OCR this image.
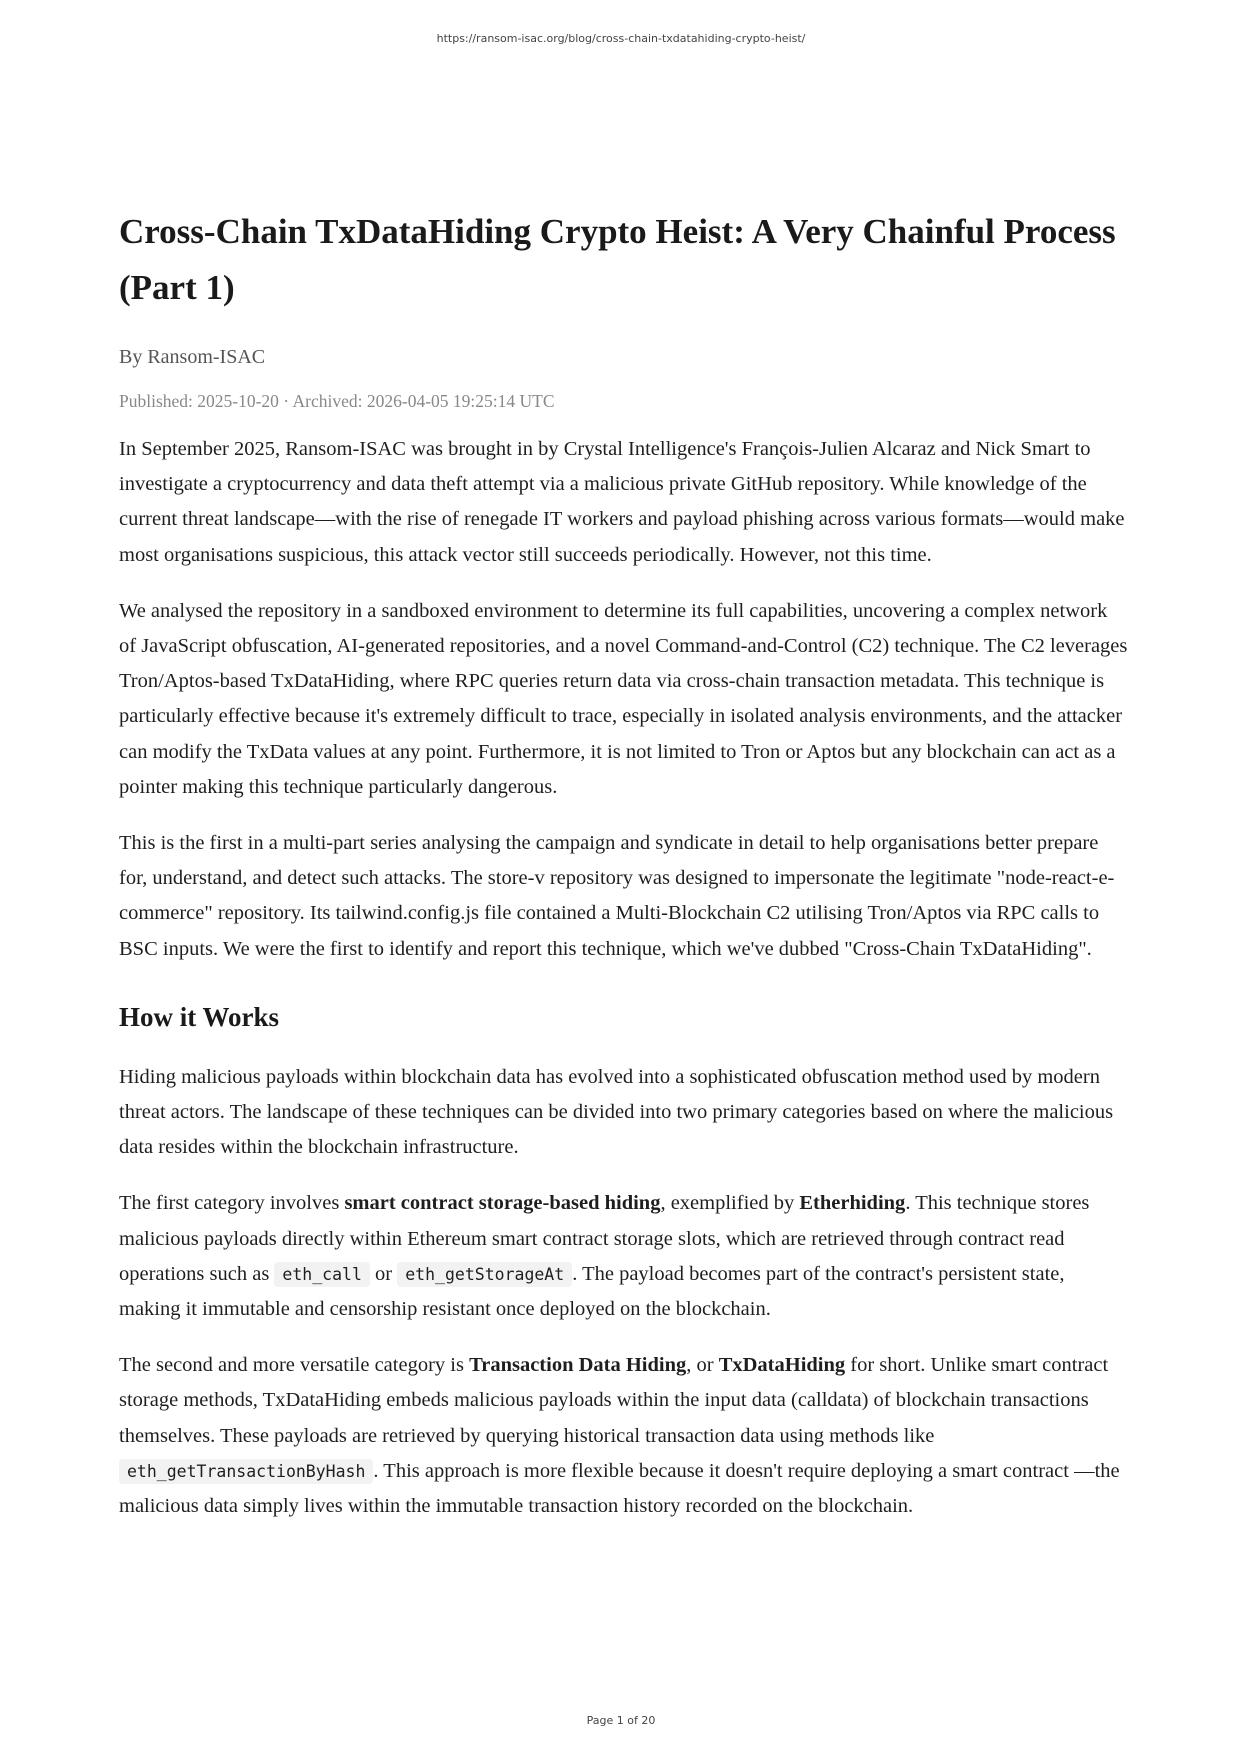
https://ransom-isac.org/blog/cross-chain-txdatahiding-crypto-heist/
Cross-Chain TxDataHiding Crypto Heist: A Very Chainful Process (Part 1)
By Ransom-ISAC
Published: 2025-10-20 · Archived: 2026-04-05 19:25:14 UTC

In September 2025, Ransom-ISAC was brought in by Crystal Intelligence's François-Julien Alcaraz and Nick Smart to investigate a cryptocurrency and data theft attempt via a malicious private GitHub repository. While knowledge of the current threat landscape—with the rise of renegade IT workers and payload phishing across various formats—would make most organisations suspicious, this attack vector still succeeds periodically. However, not this time.

We analysed the repository in a sandboxed environment to determine its full capabilities, uncovering a complex network of JavaScript obfuscation, AI-generated repositories, and a novel Command-and-Control (C2) technique. The C2 leverages Tron/Aptos-based TxDataHiding, where RPC queries return data via cross-chain transaction metadata. This technique is particularly effective because it's extremely difficult to trace, especially in isolated analysis environments, and the attacker can modify the TxData values at any point. Furthermore, it is not limited to Tron or Aptos but any blockchain can act as a pointer making this technique particularly dangerous.

This is the first in a multi-part series analysing the campaign and syndicate in detail to help organisations better prepare for, understand, and detect such attacks. The store-v repository was designed to impersonate the legitimate "node-react-e-commerce" repository. Its tailwind.config.js file contained a Multi-Blockchain C2 utilising Tron/Aptos via RPC calls to BSC inputs. We were the first to identify and report this technique, which we've dubbed "Cross-Chain TxDataHiding".

How it Works

Hiding malicious payloads within blockchain data has evolved into a sophisticated obfuscation method used by modern threat actors. The landscape of these techniques can be divided into two primary categories based on where the malicious data resides within the blockchain infrastructure.

The first category involves smart contract storage-based hiding, exemplified by Etherhiding. This technique stores malicious payloads directly within Ethereum smart contract storage slots, which are retrieved through contract read operations such as eth_call or eth_getStorageAt . The payload becomes part of the contract's persistent state, making it immutable and censorship resistant once deployed on the blockchain.

The second and more versatile category is Transaction Data Hiding, or TxDataHiding for short. Unlike smart contract storage methods, TxDataHiding embeds malicious payloads within the input data (calldata) of blockchain transactions themselves. These payloads are retrieved by querying historical transaction data using methods like eth_getTransactionByHash . This approach is more flexible because it doesn't require deploying a smart contract —the malicious data simply lives within the immutable transaction history recorded on the blockchain.

Page 1 of 20
